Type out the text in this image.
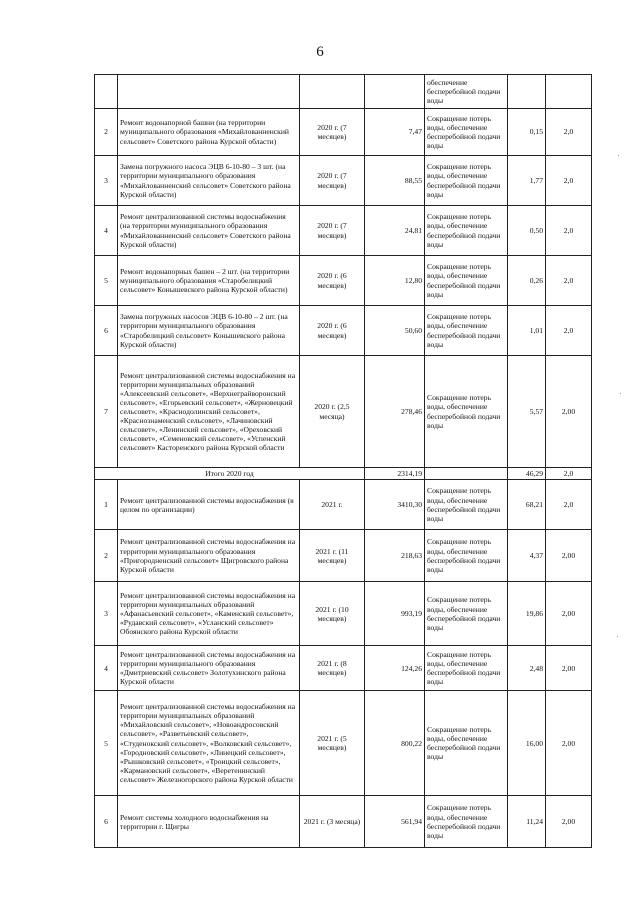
6
				обеспечение бесперебойной подачи воды		
2	Ремонт водонапорной башни (на территории муниципального образования «Михайлованненский сельсовет» Советского района Курской области)	2020 г. (7 месяцев)	7,47	Сокращение потерь воды, обеспечение бесперебойной подачи воды	0,15	2,0
3	Замена погружного насоса ЭЦВ 6-10-80 – 3 шт. (на территории муниципального образования «Михайлованненский сельсовет» Советского района Курской области)	2020 г. (7 месяцев)	88,55	Сокращение потерь воды, обеспечение бесперебойной подачи воды	1,77	2,0
4	Ремонт централизованной системы водоснабжения (на территории муниципального образования «Михайлованненский сельсовет» Советского района Курской области)	2020 г. (7 месяцев)	24,81	Сокращение потерь воды, обеспечение бесперебойной подачи воды	0,50	2,0
5	Ремонт водонапорных башен – 2 шт. (на территории муниципального образования «Старобелицкий сельсовет» Конышевского района Курской области)	2020 г. (6 месяцев)	12,80	Сокращение потерь воды, обеспечение бесперебойной подачи воды	0,26	2,0
6	Замена погружных насосов ЭЦВ 6-10-80 – 2 шт. (на территории муниципального образования «Старобелицкий сельсовет» Конышевского района Курской области)	2020 г. (6 месяцев)	50,60	Сокращение потерь воды, обеспечение бесперебойной подачи воды	1,01	2,0
7	Ремонт централизованной системы водоснабжения на территории муниципальных образований «Алексеевский сельсовет», «Верхнеграйворонский сельсовет», «Егорьевский сельсовет», «Жерновецкий сельсовет», «Краснодолинский сельсовет», «Краснознаменский сельсовет», «Лачиновский сельсовет», «Ленинский сельсовет», «Ореховский сельсовет», «Семеновский сельсовет», «Успенский сельсовет» Касторенского района Курской области	2020 г. (2,5 месяца)	278,46	Сокращение потерь воды, обеспечение бесперебойной подачи воды	5,57	2,00
Итого 2020 год			2314,19		46,29	2,0
1	Ремонт централизованной системы водоснабжения (в целом по организации)	2021 г.	3410,30	Сокращение потерь воды, обеспечение бесперебойной подачи воды	68,21	2,0
2	Ремонт централизованной системы водоснабжения на территории муниципального образования «Пригородненский сельсовет» Щигровского района Курской области	2021 г. (11 месяцев)	218,63	Сокращение потерь воды, обеспечение бесперебойной подачи воды	4,37	2,00
3	Ремонт централизованной системы водоснабжения на территории муниципальных образований «Афанасьевский сельсовет», «Каменский сельсовет», «Рудавский сельсовет», «Усланский сельсовет» Обоянского района Курской области	2021 г. (10 месяцев)	993,19	Сокращение потерь воды, обеспечение бесперебойной подачи воды	19,86	2,00
4	Ремонт централизованной системы водоснабжения на территории муниципального образования «Дмитриевский сельсовет» Золотухинского района Курской области	2021 г. (8 месяцев)	124,26	Сокращение потерь воды, обеспечение бесперебойной подачи воды	2,48	2,00
5	Ремонт централизованной системы водоснабжения на территории муниципальных образований «Михайловский сельсовет», «Новоандросовский сельсовет», «Разветьевский сельсовет», «Студенокский сельсовет», «Волковский сельсовет», «Городновский сельсовет», «Линецкий сельсовет», «Рышковский сельсовет», «Троицкий сельсовет», «Кармановский сельсовет», «Веретенинский сельсовет» Железногорского района Курской области	2021 г. (5 месяцев)	800,22	Сокращение потерь воды, обеспечение бесперебойной подачи воды	16,00	2,00
6	Ремонт системы холодного водоснабжения на территории г. Щигры	2021 г. (3 месяца)	561,94	Сокращение потерь воды, обеспечение бесперебойной подачи воды	11,24	2,00
